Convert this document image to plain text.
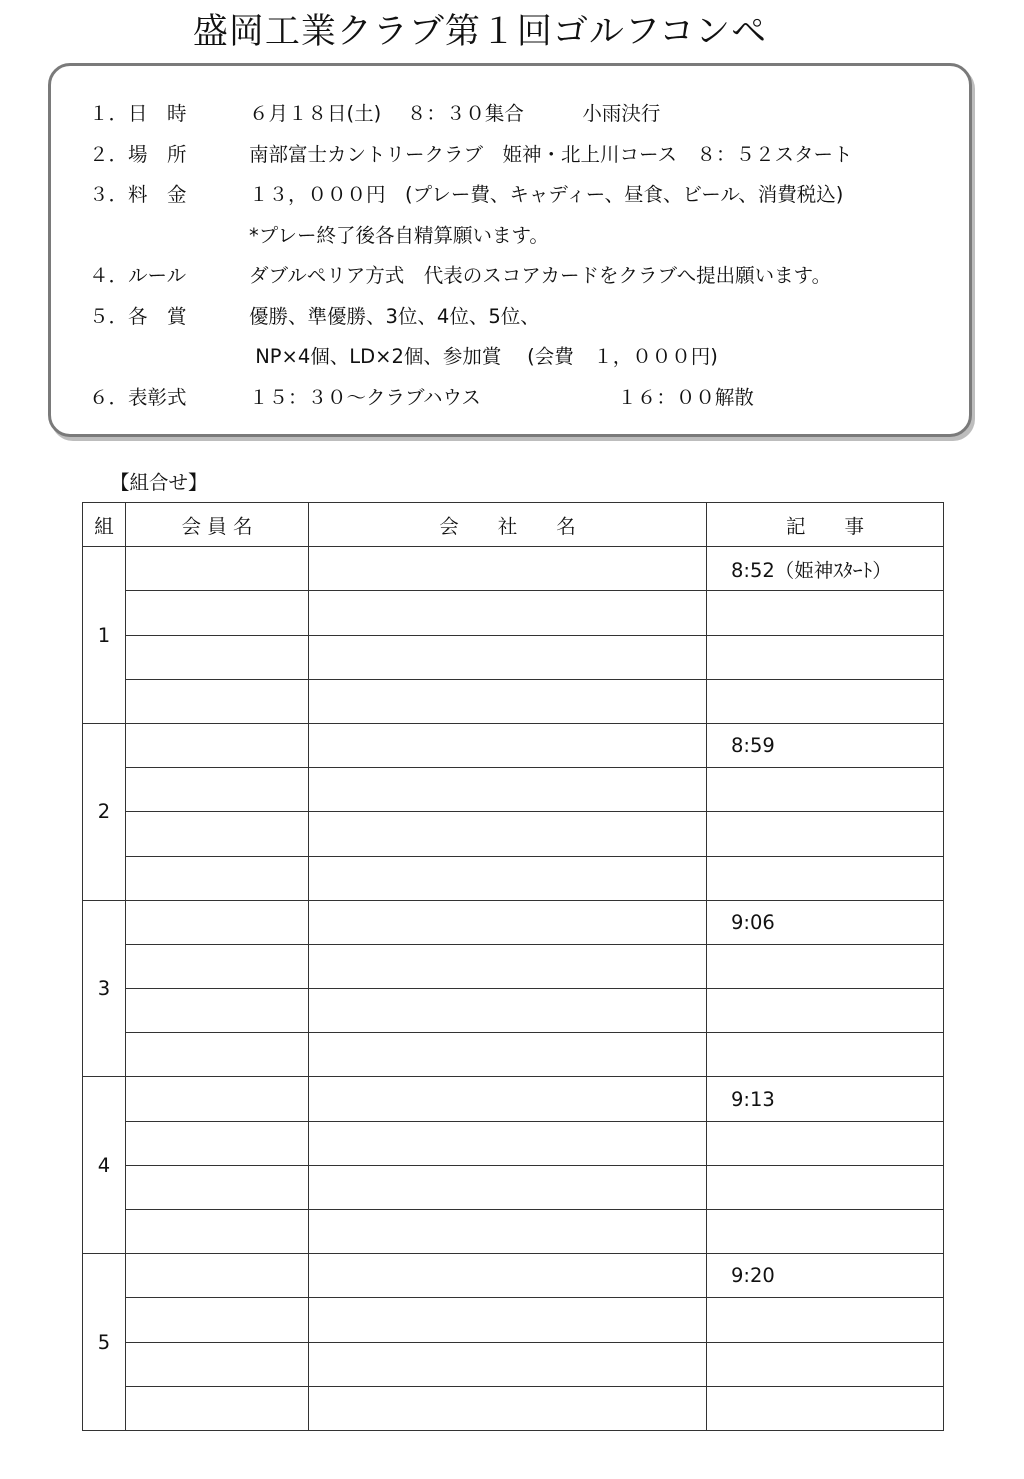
盛岡工業クラブ第１回ゴルフコンペ
１．日　時	６月１８日(土)　 ８：３０集合　　　小雨決行
２．場　所	南部富士カントリークラブ　姫神・北上川コース　８：５２スタート
３．料　金	１３，０００円　(プレー費、キャディー、昼食、ビール、消費税込)
*プレー終了後各自精算願います。
４．ルール	ダブルペリア方式　代表のスコアカードをクラブへ提出願います。
５．各　賞	優勝、準優勝、3位、4位、5位、
NP×4個、LD×2個、参加賞　 (会費　１，０００円)
６．表彰式	１５：３０～クラブハウス　　　　　　　１６：００解散
【組合せ】
組	会 員 名	会　　社　　名	記　　事
1			8:52（姫神ｽﾀｰﾄ）

2			8:59

3			9:06

4			9:13

5			9:20
